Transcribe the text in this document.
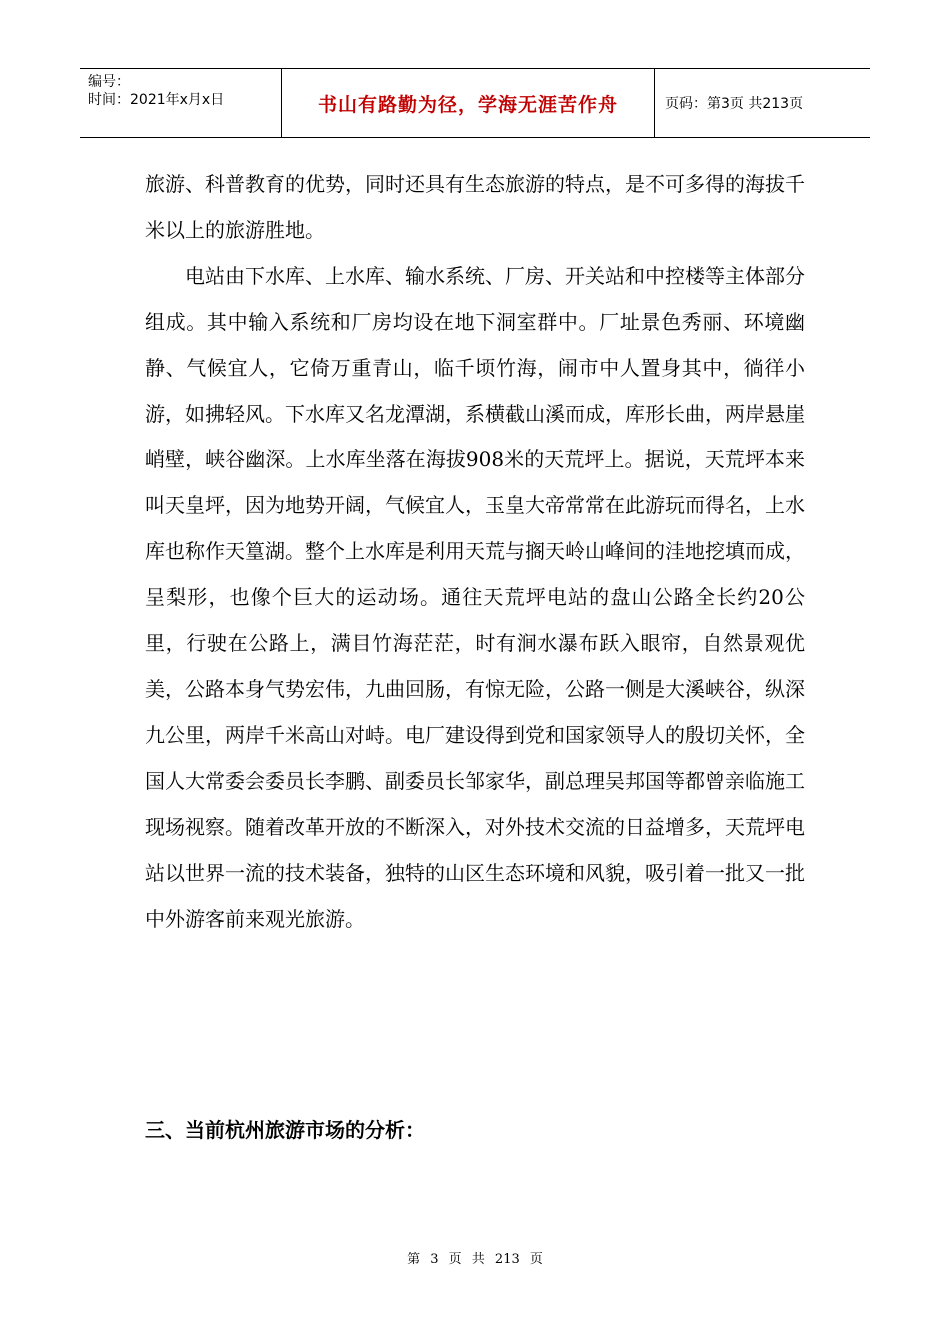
编号：
时间：2021年x月x日	书山有路勤为径，学海无涯苦作舟	页码：第3页 共213页

旅游、科普教育的优势，同时还具有生态旅游的特点，是不可多得的海拔千米以上的旅游胜地。

电站由下水库、上水库、输水系统、厂房、开关站和中控楼等主体部分组成。其中输入系统和厂房均设在地下洞室群中。厂址景色秀丽、环境幽静、气候宜人，它倚万重青山，临千顷竹海，闹市中人置身其中，徜徉小游，如拂轻风。下水库又名龙潭湖，系横截山溪而成，库形长曲，两岸悬崖峭壁，峡谷幽深。上水库坐落在海拔908米的天荒坪上。据说，天荒坪本来叫天皇坪，因为地势开阔，气候宜人，玉皇大帝常常在此游玩而得名，上水库也称作天篁湖。整个上水库是利用天荒与搁天岭山峰间的洼地挖填而成，呈梨形，也像个巨大的运动场。通往天荒坪电站的盘山公路全长约20公里，行驶在公路上，满目竹海茫茫，时有涧水瀑布跃入眼帘，自然景观优美，公路本身气势宏伟，九曲回肠，有惊无险，公路一侧是大溪峡谷，纵深九公里，两岸千米高山对峙。电厂建设得到党和国家领导人的殷切关怀，全国人大常委会委员长李鹏、副委员长邹家华，副总理吴邦国等都曾亲临施工现场视察。随着改革开放的不断深入，对外技术交流的日益增多，天荒坪电站以世界一流的技术装备，独特的山区生态环境和风貌，吸引着一批又一批中外游客前来观光旅游。

三、当前杭州旅游市场的分析：
第 3 页 共 213 页
